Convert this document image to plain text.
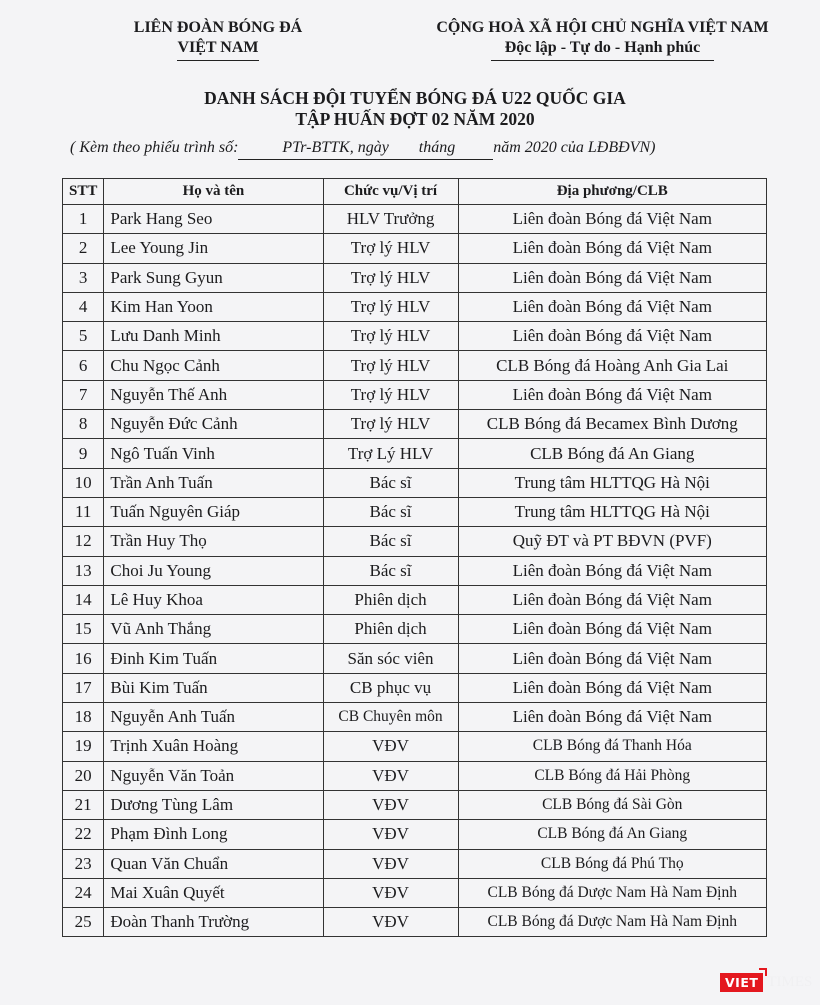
LIÊN ĐOÀN BÓNG ĐÁ
VIỆT NAM
CỘNG HOÀ XÃ HỘI CHỦ NGHĨA VIỆT NAM
Độc lập - Tự do - Hạnh phúc
DANH SÁCH ĐỘI TUYỂN BÓNG ĐÁ U22 QUỐC GIA
TẬP HUẤN ĐỢT 02 NĂM 2020
( Kèm theo phiếu trình số:	PTr-BTTK, ngày tháng năm 2020 của LĐBĐVN)
STT	Họ và tên	Chức vụ/Vị trí	Địa phương/CLB
1	Park Hang Seo	HLV Trưởng	Liên đoàn Bóng đá Việt Nam
2	Lee Young Jin	Trợ lý HLV	Liên đoàn Bóng đá Việt Nam
3	Park Sung Gyun	Trợ lý HLV	Liên đoàn Bóng đá Việt Nam
4	Kim Han Yoon	Trợ lý HLV	Liên đoàn Bóng đá Việt Nam
5	Lưu Danh Minh	Trợ lý HLV	Liên đoàn Bóng đá Việt Nam
6	Chu Ngọc Cảnh	Trợ lý HLV	CLB Bóng đá Hoàng Anh Gia Lai
7	Nguyễn Thế Anh	Trợ lý HLV	Liên đoàn Bóng đá Việt Nam
8	Nguyễn Đức Cảnh	Trợ lý HLV	CLB Bóng đá Becamex Bình Dương
9	Ngô Tuấn Vinh	Trợ Lý HLV	CLB Bóng đá An Giang
10	Trần Anh Tuấn	Bác sĩ	Trung tâm HLTTQG Hà Nội
11	Tuấn Nguyên Giáp	Bác sĩ	Trung tâm HLTTQG Hà Nội
12	Trần Huy Thọ	Bác sĩ	Quỹ ĐT và PT BĐVN (PVF)
13	Choi Ju Young	Bác sĩ	Liên đoàn Bóng đá Việt Nam
14	Lê Huy Khoa	Phiên dịch	Liên đoàn Bóng đá Việt Nam
15	Vũ Anh Thắng	Phiên dịch	Liên đoàn Bóng đá Việt Nam
16	Đinh Kim Tuấn	Săn sóc viên	Liên đoàn Bóng đá Việt Nam
17	Bùi Kim Tuấn	CB phục vụ	Liên đoàn Bóng đá Việt Nam
18	Nguyễn Anh Tuấn	CB Chuyên môn	Liên đoàn Bóng đá Việt Nam
19	Trịnh Xuân Hoàng	VĐV	CLB Bóng đá Thanh Hóa
20	Nguyễn Văn Toản	VĐV	CLB Bóng đá Hải Phòng
21	Dương Tùng Lâm	VĐV	CLB Bóng đá Sài Gòn
22	Phạm Đình Long	VĐV	CLB Bóng đá An Giang
23	Quan Văn Chuẩn	VĐV	CLB Bóng đá Phú Thọ
24	Mai Xuân Quyết	VĐV	CLB Bóng đá Dược Nam Hà Nam Định
25	Đoàn Thanh Trường	VĐV	CLB Bóng đá Dược Nam Hà Nam Định
VIET TIMES
